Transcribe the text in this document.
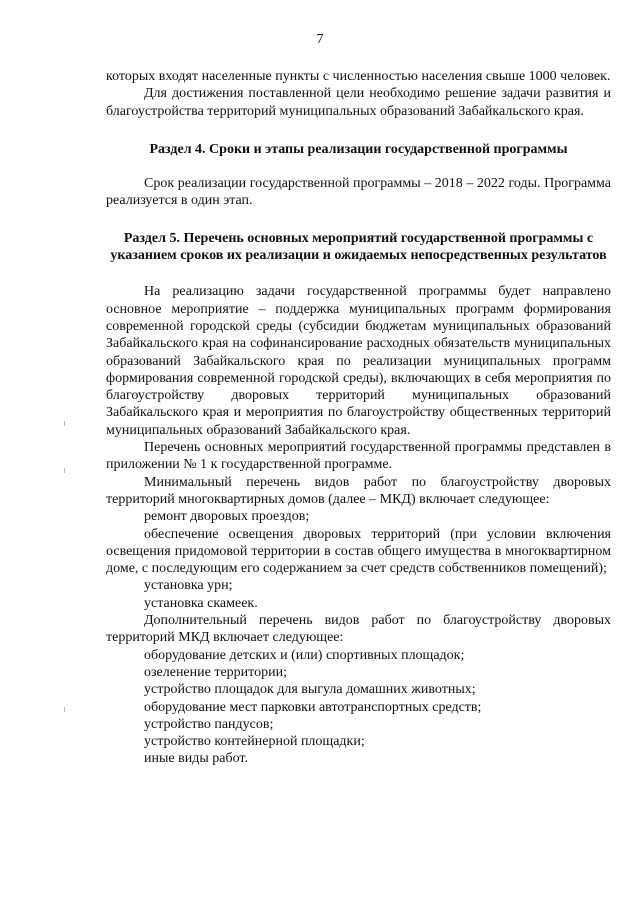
7

которых входят населенные пункты с численностью населения свыше 1000 человек.

Для достижения поставленной цели необходимо решение задачи развития и благоустройства территорий муниципальных образований Забайкальского края.

Раздел 4. Сроки и этапы реализации государственной программы

Срок реализации государственной программы – 2018 – 2022 годы. Программа реализуется в один этап.

Раздел 5. Перечень основных мероприятий государственной программы с указанием сроков их реализации и ожидаемых непосредственных результатов

На реализацию задачи государственной программы будет направлено основное мероприятие – поддержка муниципальных программ формирования современной городской среды (субсидии бюджетам муниципальных образований Забайкальского края на софинансирование расходных обязательств муниципальных образований Забайкальского края по реализации муниципальных программ формирования современной городской среды), включающих в себя мероприятия по благоустройству дворовых территорий муниципальных образований Забайкальского края и мероприятия по благоустройству общественных территорий муниципальных образований Забайкальского края.

Перечень основных мероприятий государственной программы представлен в приложении № 1 к государственной программе.

Минимальный перечень видов работ по благоустройству дворовых территорий многоквартирных домов (далее – МКД) включает следующее:

ремонт дворовых проездов;

обеспечение освещения дворовых территорий (при условии включения освещения придомовой территории в состав общего имущества в многоквартирном доме, с последующим его содержанием за счет средств собственников помещений);

установка урн;

установка скамеек.

Дополнительный перечень видов работ по благоустройству дворовых территорий МКД включает следующее:

оборудование детских и (или) спортивных площадок;

озеленение территории;

устройство площадок для выгула домашних животных;

оборудование мест парковки автотранспортных средств;

устройство пандусов;

устройство контейнерной площадки;

иные виды работ.
